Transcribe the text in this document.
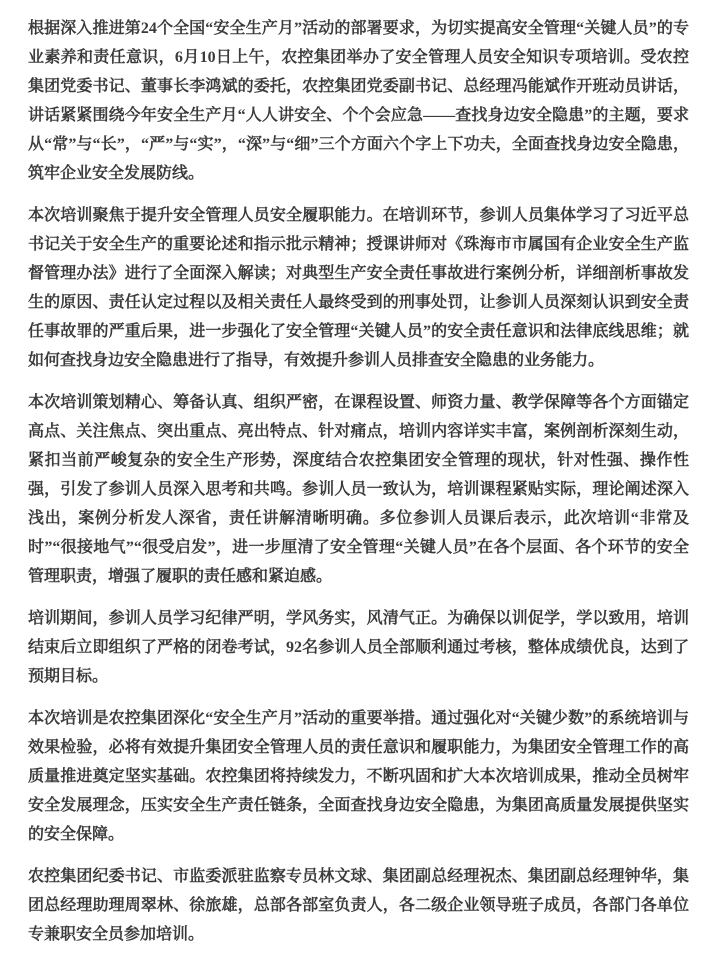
根据深入推进第24个全国“安全生产月”活动的部署要求，为切实提高安全管理“关键人员”的专业素养和责任意识，6月10日上午，农控集团举办了安全管理人员安全知识专项培训。受农控集团党委书记、董事长李鸿斌的委托，农控集团党委副书记、总经理冯能斌作开班动员讲话，讲话紧紧围绕今年安全生产月“人人讲安全、个个会应急——查找身边安全隐患”的主题，要求从“常”与“长”，“严”与“实”，“深”与“细”三个方面六个字上下功夫，全面查找身边安全隐患，筑牢企业安全发展防线。

本次培训聚焦于提升安全管理人员安全履职能力。在培训环节，参训人员集体学习了习近平总书记关于安全生产的重要论述和指示批示精神；授课讲师对《珠海市市属国有企业安全生产监督管理办法》进行了全面深入解读；对典型生产安全责任事故进行案例分析，详细剖析事故发生的原因、责任认定过程以及相关责任人最终受到的刑事处罚，让参训人员深刻认识到安全责任事故罪的严重后果，进一步强化了安全管理“关键人员”的安全责任意识和法律底线思维；就如何查找身边安全隐患进行了指导，有效提升参训人员排查安全隐患的业务能力。

本次培训策划精心、筹备认真、组织严密，在课程设置、师资力量、教学保障等各个方面锚定高点、关注焦点、突出重点、亮出特点、针对痛点，培训内容详实丰富，案例剖析深刻生动，紧扣当前严峻复杂的安全生产形势，深度结合农控集团安全管理的现状，针对性强、操作性强，引发了参训人员深入思考和共鸣。参训人员一致认为，培训课程紧贴实际，理论阐述深入浅出，案例分析发人深省，责任讲解清晰明确。多位参训人员课后表示，此次培训“非常及时”“很接地气”“很受启发”，进一步厘清了安全管理“关键人员”在各个层面、各个环节的安全管理职责，增强了履职的责任感和紧迫感。

培训期间，参训人员学习纪律严明，学风务实，风清气正。为确保以训促学，学以致用，培训结束后立即组织了严格的闭卷考试，92名参训人员全部顺利通过考核，整体成绩优良，达到了预期目标。

本次培训是农控集团深化“安全生产月”活动的重要举措。通过强化对“关键少数”的系统培训与效果检验，必将有效提升集团安全管理人员的责任意识和履职能力，为集团安全管理工作的高质量推进奠定坚实基础。农控集团将持续发力，不断巩固和扩大本次培训成果，推动全员树牢安全发展理念，压实安全生产责任链条，全面查找身边安全隐患，为集团高质量发展提供坚实的安全保障。

农控集团纪委书记、市监委派驻监察专员林文球、集团副总经理祝杰、集团副总经理钟华，集团总经理助理周翠林、徐旅雄，总部各部室负责人，各二级企业领导班子成员，各部门各单位专兼职安全员参加培训。
